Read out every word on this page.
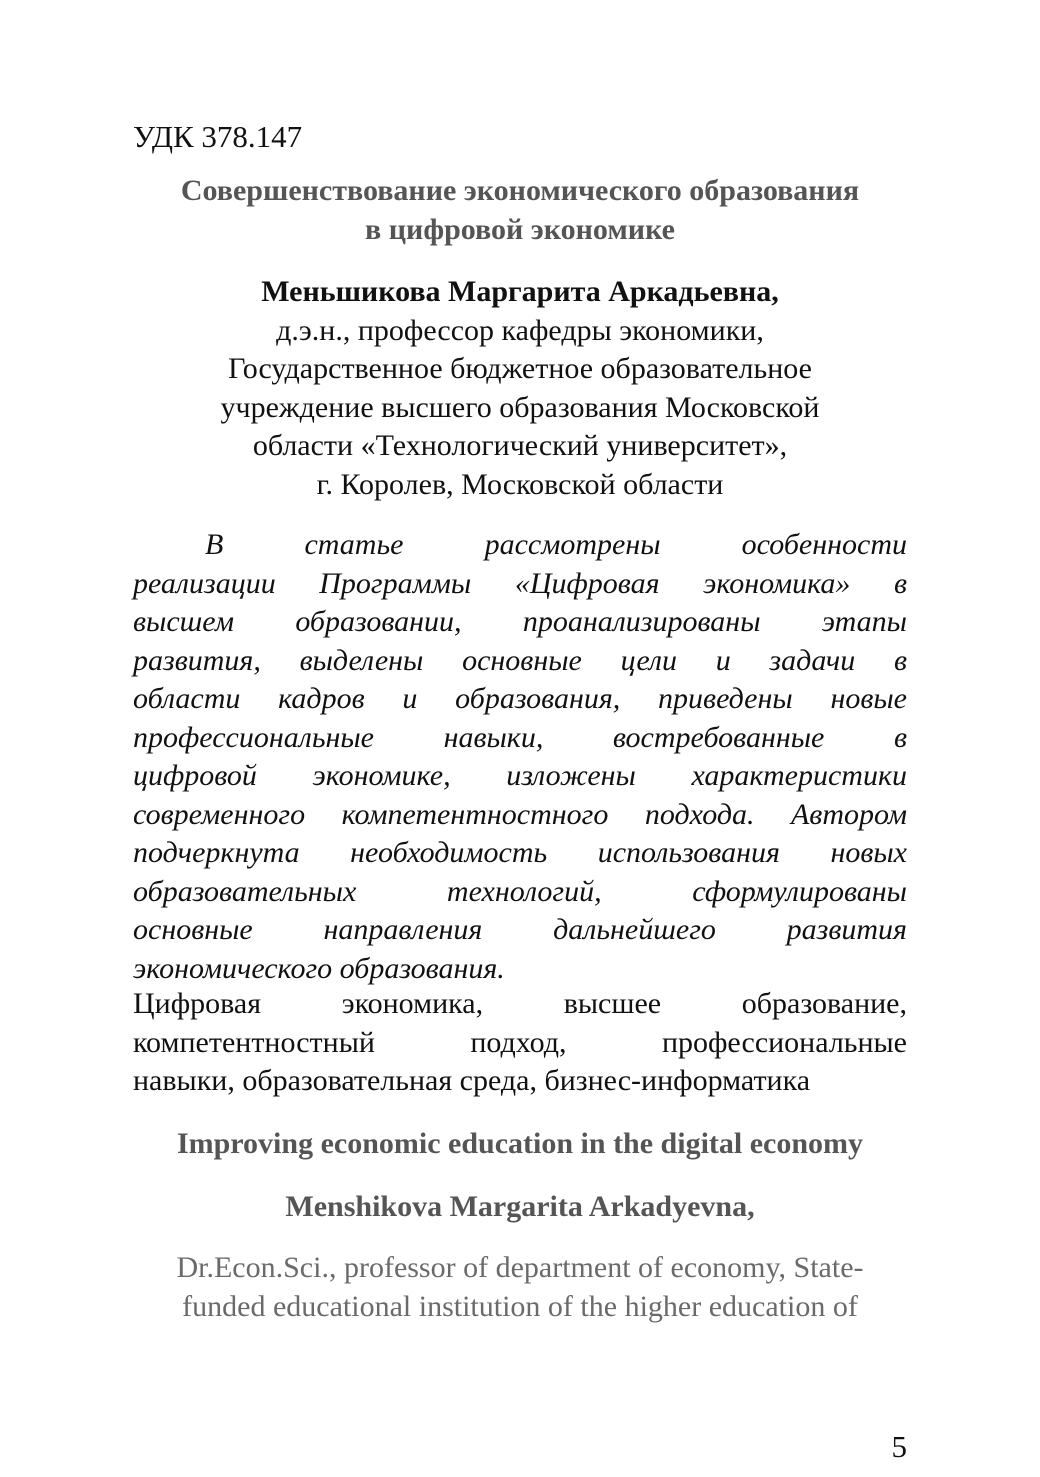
УДК 378.147
Совершенствование экономического образования
в цифровой экономике
Меньшикова Маргарита Аркадьевна,
д.э.н., профессор кафедры экономики,
Государственное бюджетное образовательное
учреждение высшего образования Московской
области «Технологический университет»,
г. Королев, Московской области
В статье рассмотрены особенности
реализации Программы «Цифровая экономика» в
высшем образовании, проанализированы этапы
развития, выделены основные цели и задачи в
области кадров и образования, приведены новые
профессиональные навыки, востребованные в
цифровой экономике, изложены характеристики
современного компетентностного подхода. Автором
подчеркнута необходимость использования новых
образовательных технологий, сформулированы
основные направления дальнейшего развития
экономического образования.
Цифровая экономика, высшее образование,
компетентностный подход, профессиональные
навыки, образовательная среда, бизнес-информатика
Improving economic education in the digital economy
Menshikova Margarita Arkadyevna,
Dr.Econ.Sci., professor of department of economy, State-
funded educational institution of the higher education of
5
